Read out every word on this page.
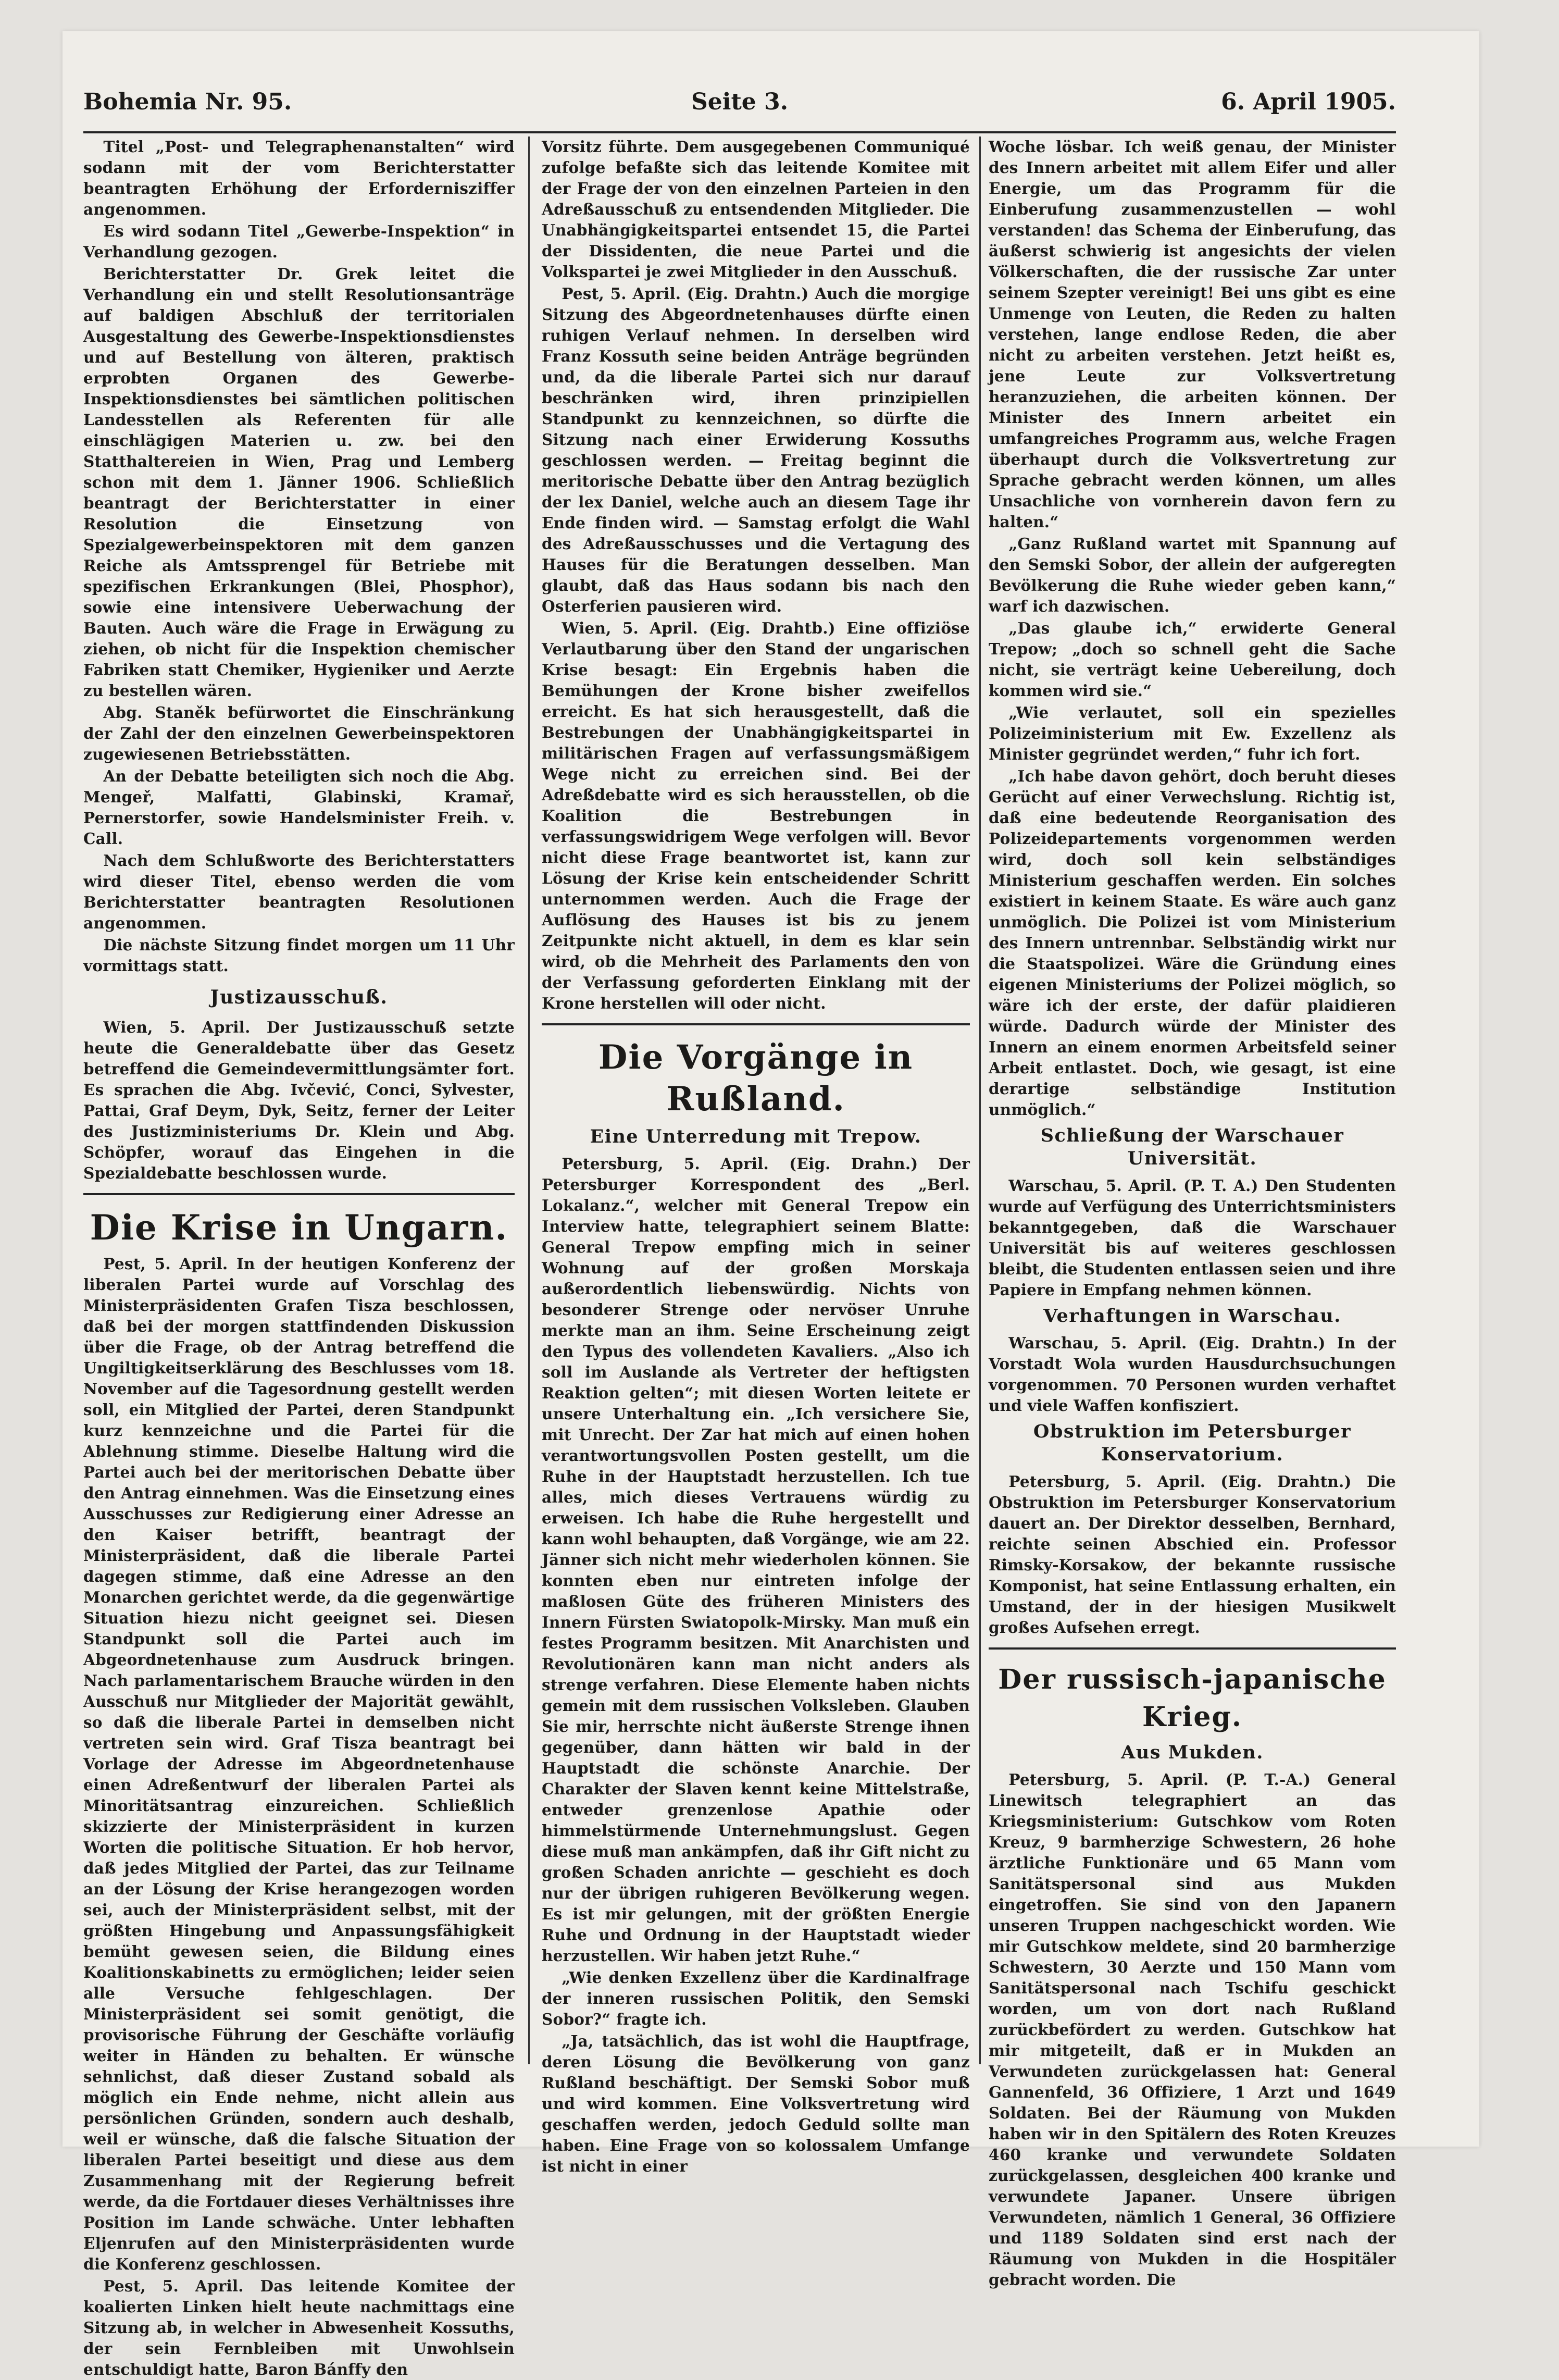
Seite 3.
Bohemia Nr. 95.	6. April 1905.

Titel „Post- und Telegraphenanstalten“ wird sodann mit der vom Berichterstatter beantragten Erhöhung der Erfordernisziffer angenommen.

Es wird sodann Titel „Gewerbe-Inspektion“ in Verhandlung gezogen.

Berichterstatter Dr. Grek leitet die Verhandlung ein und stellt Resolutionsanträge auf baldigen Abschluß der territorialen Ausgestaltung des Gewerbe-Inspektionsdienstes und auf Bestellung von älteren, praktisch erprobten Organen des Gewerbe-Inspektionsdienstes bei sämtlichen politischen Landesstellen als Referenten für alle einschlägigen Materien u. zw. bei den Statthaltereien in Wien, Prag und Lemberg schon mit dem 1. Jänner 1906. Schließlich beantragt der Berichterstatter in einer Resolution die Einsetzung von Spezialgewerbeinspektoren mit dem ganzen Reiche als Amtssprengel für Betriebe mit spezifischen Erkrankungen (Blei, Phosphor), sowie eine intensivere Ueberwachung der Bauten. Auch wäre die Frage in Erwägung zu ziehen, ob nicht für die Inspektion chemischer Fabriken statt Chemiker, Hygieniker und Aerzte zu bestellen wären.

Abg. Staněk befürwortet die Einschränkung der Zahl der den einzelnen Gewerbeinspektoren zugewiesenen Betriebsstätten.

An der Debatte beteiligten sich noch die Abg. Mengeř, Malfatti, Glabinski, Kramař, Pernerstorfer, sowie Handelsminister Freih. v. Call.

Nach dem Schlußworte des Berichterstatters wird dieser Titel, ebenso werden die vom Berichterstatter beantragten Resolutionen angenommen.

Die nächste Sitzung findet morgen um 11 Uhr vormittags statt.

Justizausschuß.

Wien, 5. April. Der Justizausschuß setzte heute die Generaldebatte über das Gesetz betreffend die Gemeindevermittlungsämter fort. Es sprachen die Abg. Ivčević, Conci, Sylvester, Pattai, Graf Deym, Dyk, Seitz, ferner der Leiter des Justizministeriums Dr. Klein und Abg. Schöpfer, worauf das Eingehen in die Spezialdebatte beschlossen wurde.

Die Krise in Ungarn.

Pest, 5. April. In der heutigen Konferenz der liberalen Partei wurde auf Vorschlag des Ministerpräsidenten Grafen Tisza beschlossen, daß bei der morgen stattfindenden Diskussion über die Frage, ob der Antrag betreffend die Ungiltigkeitserklärung des Beschlusses vom 18. November auf die Tagesordnung gestellt werden soll, ein Mitglied der Partei, deren Standpunkt kurz kennzeichne und die Partei für die Ablehnung stimme. Dieselbe Haltung wird die Partei auch bei der meritorischen Debatte über den Antrag einnehmen. Was die Einsetzung eines Ausschusses zur Redigierung einer Adresse an den Kaiser betrifft, beantragt der Ministerpräsident, daß die liberale Partei dagegen stimme, daß eine Adresse an den Monarchen gerichtet werde, da die gegenwärtige Situation hiezu nicht geeignet sei. Diesen Standpunkt soll die Partei auch im Abgeordnetenhause zum Ausdruck bringen. Nach parlamentarischem Brauche würden in den Ausschuß nur Mitglieder der Majorität gewählt, so daß die liberale Partei in demselben nicht vertreten sein wird. Graf Tisza beantragt bei Vorlage der Adresse im Abgeordnetenhause einen Adreßentwurf der liberalen Partei als Minoritätsantrag einzureichen. Schließlich skizzierte der Ministerpräsident in kurzen Worten die politische Situation. Er hob hervor, daß jedes Mitglied der Partei, das zur Teilname an der Lösung der Krise herangezogen worden sei, auch der Ministerpräsident selbst, mit der größten Hingebung und Anpassungsfähigkeit bemüht gewesen seien, die Bildung eines Koalitionskabinetts zu ermöglichen; leider seien alle Versuche fehlgeschlagen. Der Ministerpräsident sei somit genötigt, die provisorische Führung der Geschäfte vorläufig weiter in Händen zu behalten. Er wünsche sehnlichst, daß dieser Zustand sobald als möglich ein Ende nehme, nicht allein aus persönlichen Gründen, sondern auch deshalb, weil er wünsche, daß die falsche Situation der liberalen Partei beseitigt und diese aus dem Zusammenhang mit der Regierung befreit werde, da die Fortdauer dieses Verhältnisses ihre Position im Lande schwäche. Unter lebhaften Eljenrufen auf den Ministerpräsidenten wurde die Konferenz geschlossen.

Pest, 5. April. Das leitende Komitee der koalierten Linken hielt heute nachmittags eine Sitzung ab, in welcher in Abwesenheit Kossuths, der sein Fernbleiben mit Unwohlsein entschuldigt hatte, Baron Bánffy den

Vorsitz führte. Dem ausgegebenen Communiqué zufolge befaßte sich das leitende Komitee mit der Frage der von den einzelnen Parteien in den Adreßausschuß zu entsendenden Mitglieder. Die Unabhängigkeitspartei entsendet 15, die Partei der Dissidenten, die neue Partei und die Volkspartei je zwei Mitglieder in den Ausschuß.

Pest, 5. April. (Eig. Drahtn.) Auch die morgige Sitzung des Abgeordnetenhauses dürfte einen ruhigen Verlauf nehmen. In derselben wird Franz Kossuth seine beiden Anträge begründen und, da die liberale Partei sich nur darauf beschränken wird, ihren prinzipiellen Standpunkt zu kennzeichnen, so dürfte die Sitzung nach einer Erwiderung Kossuths geschlossen werden. — Freitag beginnt die meritorische Debatte über den Antrag bezüglich der lex Daniel, welche auch an diesem Tage ihr Ende finden wird. — Samstag erfolgt die Wahl des Adreßausschusses und die Vertagung des Hauses für die Beratungen desselben. Man glaubt, daß das Haus sodann bis nach den Osterferien pausieren wird.

Wien, 5. April. (Eig. Drahtb.) Eine offiziöse Verlautbarung über den Stand der ungarischen Krise besagt: Ein Ergebnis haben die Bemühungen der Krone bisher zweifellos erreicht. Es hat sich herausgestellt, daß die Bestrebungen der Unabhängigkeitspartei in militärischen Fragen auf verfassungsmäßigem Wege nicht zu erreichen sind. Bei der Adreßdebatte wird es sich herausstellen, ob die Koalition die Bestrebungen in verfassungswidrigem Wege verfolgen will. Bevor nicht diese Frage beantwortet ist, kann zur Lösung der Krise kein entscheidender Schritt unternommen werden. Auch die Frage der Auflösung des Hauses ist bis zu jenem Zeitpunkte nicht aktuell, in dem es klar sein wird, ob die Mehrheit des Parlaments den von der Verfassung geforderten Einklang mit der Krone herstellen will oder nicht.

Die Vorgänge in Rußland.
Eine Unterredung mit Trepow.

Petersburg, 5. April. (Eig. Drahn.) Der Petersburger Korrespondent des „Berl. Lokalanz.“, welcher mit General Trepow ein Interview hatte, telegraphiert seinem Blatte: General Trepow empfing mich in seiner Wohnung auf der großen Morskaja außerordentlich liebenswürdig. Nichts von besonderer Strenge oder nervöser Unruhe merkte man an ihm. Seine Erscheinung zeigt den Typus des vollendeten Kavaliers. „Also ich soll im Auslande als Vertreter der heftigsten Reaktion gelten“; mit diesen Worten leitete er unsere Unterhaltung ein. „Ich versichere Sie, mit Unrecht. Der Zar hat mich auf einen hohen verantwortungsvollen Posten gestellt, um die Ruhe in der Hauptstadt herzustellen. Ich tue alles, mich dieses Vertrauens würdig zu erweisen. Ich habe die Ruhe hergestellt und kann wohl behaupten, daß Vorgänge, wie am 22. Jänner sich nicht mehr wiederholen können. Sie konnten eben nur eintreten infolge der maßlosen Güte des früheren Ministers des Innern Fürsten Swiatopolk-Mirsky. Man muß ein festes Programm besitzen. Mit Anarchisten und Revolutionären kann man nicht anders als strenge verfahren. Diese Elemente haben nichts gemein mit dem russischen Volksleben. Glauben Sie mir, herrschte nicht äußerste Strenge ihnen gegenüber, dann hätten wir bald in der Hauptstadt die schönste Anarchie. Der Charakter der Slaven kennt keine Mittelstraße, entweder grenzenlose Apathie oder himmelstürmende Unternehmungslust. Gegen diese muß man ankämpfen, daß ihr Gift nicht zu großen Schaden anrichte — geschieht es doch nur der übrigen ruhigeren Bevölkerung wegen. Es ist mir gelungen, mit der größten Energie Ruhe und Ordnung in der Hauptstadt wieder herzustellen. Wir haben jetzt Ruhe.“

„Wie denken Exzellenz über die Kardinalfrage der inneren russischen Politik, den Semski Sobor?“ fragte ich.

„Ja, tatsächlich, das ist wohl die Hauptfrage, deren Lösung die Bevölkerung von ganz Rußland beschäftigt. Der Semski Sobor muß und wird kommen. Eine Volksvertretung wird geschaffen werden, jedoch Geduld sollte man haben. Eine Frage von so kolossalem Umfange ist nicht in einer

Woche lösbar. Ich weiß genau, der Minister des Innern arbeitet mit allem Eifer und aller Energie, um das Programm für die Einberufung zusammenzustellen — wohl verstanden! das Schema der Einberufung, das äußerst schwierig ist angesichts der vielen Völkerschaften, die der russische Zar unter seinem Szepter vereinigt! Bei uns gibt es eine Unmenge von Leuten, die Reden zu halten verstehen, lange endlose Reden, die aber nicht zu arbeiten verstehen. Jetzt heißt es, jene Leute zur Volksvertretung heranzuziehen, die arbeiten können. Der Minister des Innern arbeitet ein umfangreiches Programm aus, welche Fragen überhaupt durch die Volksvertretung zur Sprache gebracht werden können, um alles Unsachliche von vornherein davon fern zu halten.“

„Ganz Rußland wartet mit Spannung auf den Semski Sobor, der allein der aufgeregten Bevölkerung die Ruhe wieder geben kann,“ warf ich dazwischen.

„Das glaube ich,“ erwiderte General Trepow; „doch so schnell geht die Sache nicht, sie verträgt keine Uebereilung, doch kommen wird sie.“

„Wie verlautet, soll ein spezielles Polizeiministerium mit Ew. Exzellenz als Minister gegründet werden,“ fuhr ich fort.

„Ich habe davon gehört, doch beruht dieses Gerücht auf einer Verwechslung. Richtig ist, daß eine bedeutende Reorganisation des Polizeidepartements vorgenommen werden wird, doch soll kein selbständiges Ministerium geschaffen werden. Ein solches existiert in keinem Staate. Es wäre auch ganz unmöglich. Die Polizei ist vom Ministerium des Innern untrennbar. Selbständig wirkt nur die Staatspolizei. Wäre die Gründung eines eigenen Ministeriums der Polizei möglich, so wäre ich der erste, der dafür plaidieren würde. Dadurch würde der Minister des Innern an einem enormen Arbeitsfeld seiner Arbeit entlastet. Doch, wie gesagt, ist eine derartige selbständige Institution unmöglich.“

Schließung der Warschauer Universität.

Warschau, 5. April. (P. T. A.) Den Studenten wurde auf Verfügung des Unterrichtsministers bekanntgegeben, daß die Warschauer Universität bis auf weiteres geschlossen bleibt, die Studenten entlassen seien und ihre Papiere in Empfang nehmen können.

Verhaftungen in Warschau.

Warschau, 5. April. (Eig. Drahtn.) In der Vorstadt Wola wurden Hausdurchsuchungen vorgenommen. 70 Personen wurden verhaftet und viele Waffen konfisziert.

Obstruktion im Petersburger Konservatorium.

Petersburg, 5. April. (Eig. Drahtn.) Die Obstruktion im Petersburger Konservatorium dauert an. Der Direktor desselben, Bernhard, reichte seinen Abschied ein. Professor Rimsky-Korsakow, der bekannte russische Komponist, hat seine Entlassung erhalten, ein Umstand, der in der hiesigen Musikwelt großes Aufsehen erregt.

Der russisch-japanische Krieg.
Aus Mukden.

Petersburg, 5. April. (P. T.-A.) General Linewitsch telegraphiert an das Kriegsministerium: Gutschkow vom Roten Kreuz, 9 barmherzige Schwestern, 26 hohe ärztliche Funktionäre und 65 Mann vom Sanitätspersonal sind aus Mukden eingetroffen. Sie sind von den Japanern unseren Truppen nachgeschickt worden. Wie mir Gutschkow meldete, sind 20 barmherzige Schwestern, 30 Aerzte und 150 Mann vom Sanitätspersonal nach Tschifu geschickt worden, um von dort nach Rußland zurückbefördert zu werden. Gutschkow hat mir mitgeteilt, daß er in Mukden an Verwundeten zurückgelassen hat: General Gannenfeld, 36 Offiziere, 1 Arzt und 1649 Soldaten. Bei der Räumung von Mukden haben wir in den Spitälern des Roten Kreuzes 460 kranke und verwundete Soldaten zurückgelassen, desgleichen 400 kranke und verwundete Japaner. Unsere übrigen Verwundeten, nämlich 1 General, 36 Offiziere und 1189 Soldaten sind erst nach der Räumung von Mukden in die Hospitäler gebracht worden. Die
